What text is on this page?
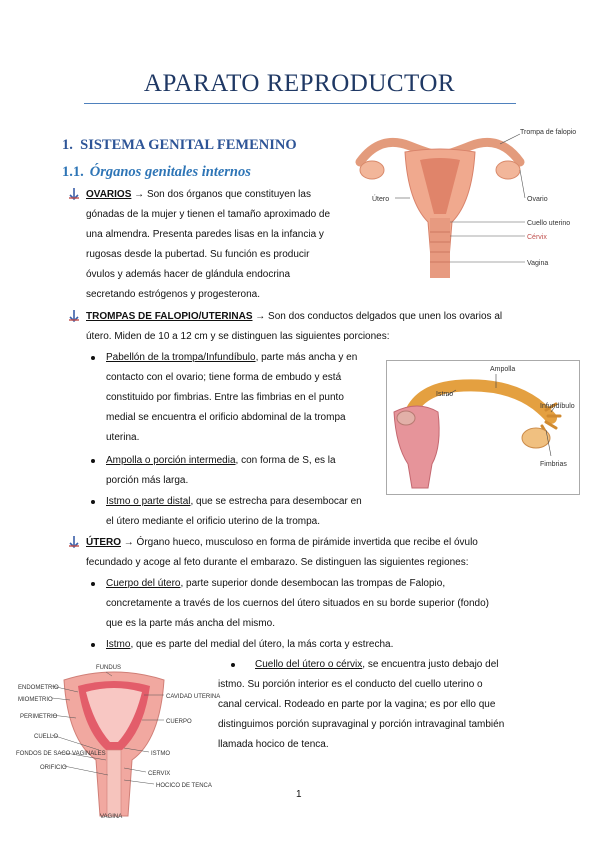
APARATO REPRODUCTOR
1. SISTEMA GENITAL FEMENINO
1.1. Órganos genitales internos
OVARIOS → Son dos órganos que constituyen las
gónadas de la mujer y tienen el tamaño aproximado de
una almendra. Presenta paredes lisas en la infancia y
rugosas desde la pubertad. Su función es producir
óvulos y además hacer de glándula endocrina
secretando estrógenos y progesterona.
TROMPAS DE FALOPIO/UTERINAS → Son dos conductos delgados que unen los ovarios al
útero. Miden de 10 a 12 cm y se distinguen las siguientes porciones:
Pabellón de la trompa/Infundíbulo, parte más ancha y en
contacto con el ovario; tiene forma de embudo y está
constituido por fimbrias. Entre las fimbrias en el punto
medial se encuentra el orificio abdominal de la trompa
uterina.
Ampolla o porción intermedia, con forma de S, es la
porción más larga.
Istmo o parte distal, que se estrecha para desembocar en
el útero mediante el orificio uterino de la trompa.
ÚTERO → Órgano hueco, musculoso en forma de pirámide invertida que recibe el óvulo
fecundado y acoge al feto durante el embarazo. Se distinguen las siguientes regiones:
Cuerpo del útero, parte superior donde desembocan las trompas de Falopio,
concretamente a través de los cuernos del útero situados en su borde superior (fondo)
que es la parte más ancha del mismo.
Istmo, que es parte del medial del útero, la más corta y estrecha.
Cuello del útero o cérvix, se encuentra justo debajo del
istmo. Su porción interior es el conducto del cuello uterino o
canal cervical. Rodeado en parte por la vagina; es por ello que
distinguimos porción supravaginal y porción intravaginal también
llamada hocico de tenca.
Trompa de falopio
Útero	Ovario
Cuello uterino
Cérvix
Vagina
Ampolla
Istmo
Infundíbulo
Fimbrias
FUNDUS
ENDOMETRIO
MIOMETRIO
PERIMETRIO
CUELLO
FONDOS DE SACO VAGINALES
ORIFICIO
CAVIDAD UTERINA
CUERPO
ISTMO
CERVIX
HOCICO DE TENCA
VAGINA
1
